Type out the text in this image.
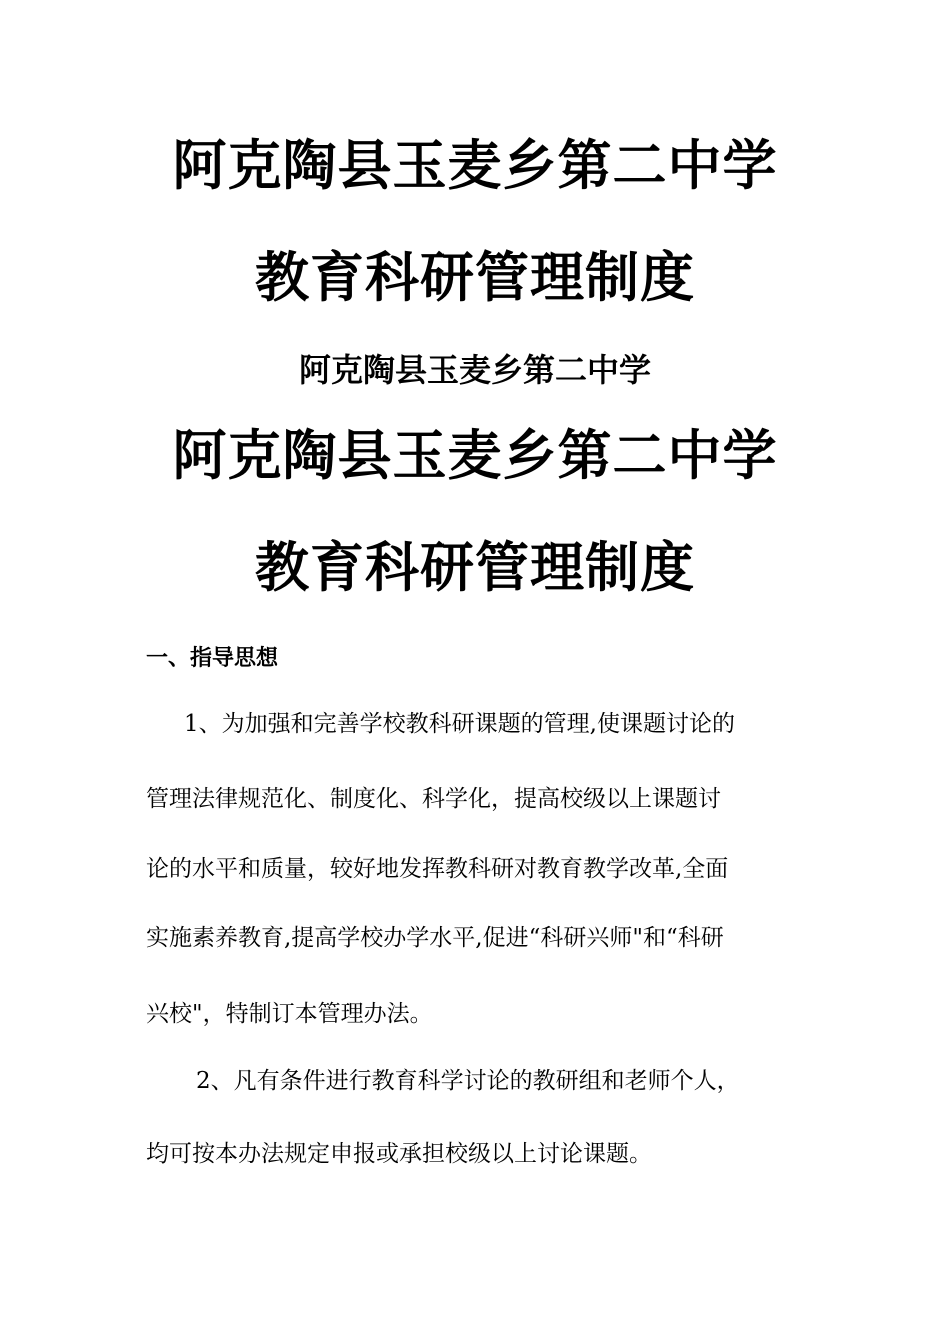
阿克陶县玉麦乡第二中学
教育科研管理制度
阿克陶县玉麦乡第二中学
阿克陶县玉麦乡第二中学
教育科研管理制度
一、指导思想
1、为加强和完善学校教科研课题的管理,使课题讨论的
管理法律规范化、制度化、科学化，提高校级以上课题讨
论的水平和质量，较好地发挥教科研对教育教学改革,全面
实施素养教育,提高学校办学水平,促进“科研兴师"和“科研
兴校"，特制订本管理办法。
2、凡有条件进行教育科学讨论的教研组和老师个人，
均可按本办法规定申报或承担校级以上讨论课题。
